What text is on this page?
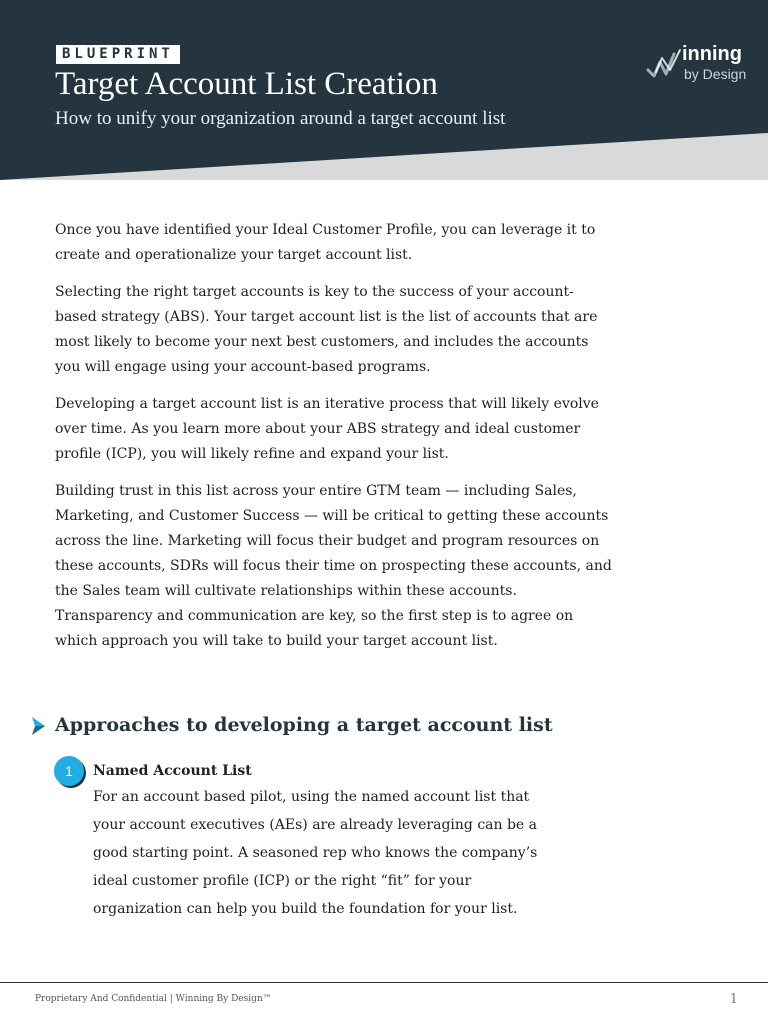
BLUEPRINT
Target Account List Creation
How to unify your organization around a target account list
inning
by Design

Once you have identified your Ideal Customer Profile, you can leverage it to create and operationalize your target account list.

Selecting the right target accounts is key to the success of your account-based strategy (ABS). Your target account list is the list of accounts that are most likely to become your next best customers, and includes the accounts you will engage using your account-based programs.

Developing a target account list is an iterative process that will likely evolve over time. As you learn more about your ABS strategy and ideal customer profile (ICP), you will likely refine and expand your list.

Building trust in this list across your entire GTM team — including Sales, Marketing, and Customer Success — will be critical to getting these accounts across the line. Marketing will focus their budget and program resources on these accounts, SDRs will focus their time on prospecting these accounts, and the Sales team will cultivate relationships within these accounts. Transparency and communication are key, so the first step is to agree on which approach you will take to build your target account list.

Approaches to developing a target account list
1	Named Account List
For an account based pilot, using the named account list that your account executives (AEs) are already leveraging can be a good starting point. A seasoned rep who knows the company’s ideal customer profile (ICP) or the right “fit” for your organization can help you build the foundation for your list.
Proprietary And Confidential | Winning By Design™	1
